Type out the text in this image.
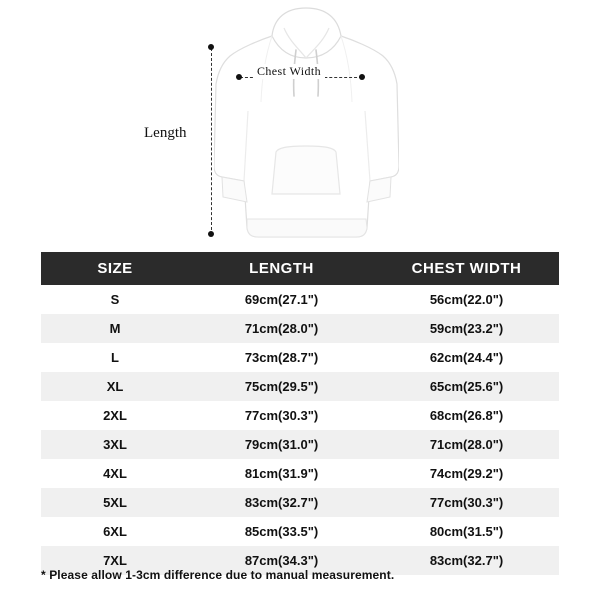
Chest Width
Length
SIZE	LENGTH	CHEST WIDTH
S	69cm(27.1")	56cm(22.0")
M	71cm(28.0")	59cm(23.2")
L	73cm(28.7")	62cm(24.4")
XL	75cm(29.5")	65cm(25.6")
2XL	77cm(30.3")	68cm(26.8")
3XL	79cm(31.0")	71cm(28.0")
4XL	81cm(31.9")	74cm(29.2")
5XL	83cm(32.7")	77cm(30.3")
6XL	85cm(33.5")	80cm(31.5")
7XL	87cm(34.3")	83cm(32.7")
* Please allow 1-3cm difference due to manual measurement.
